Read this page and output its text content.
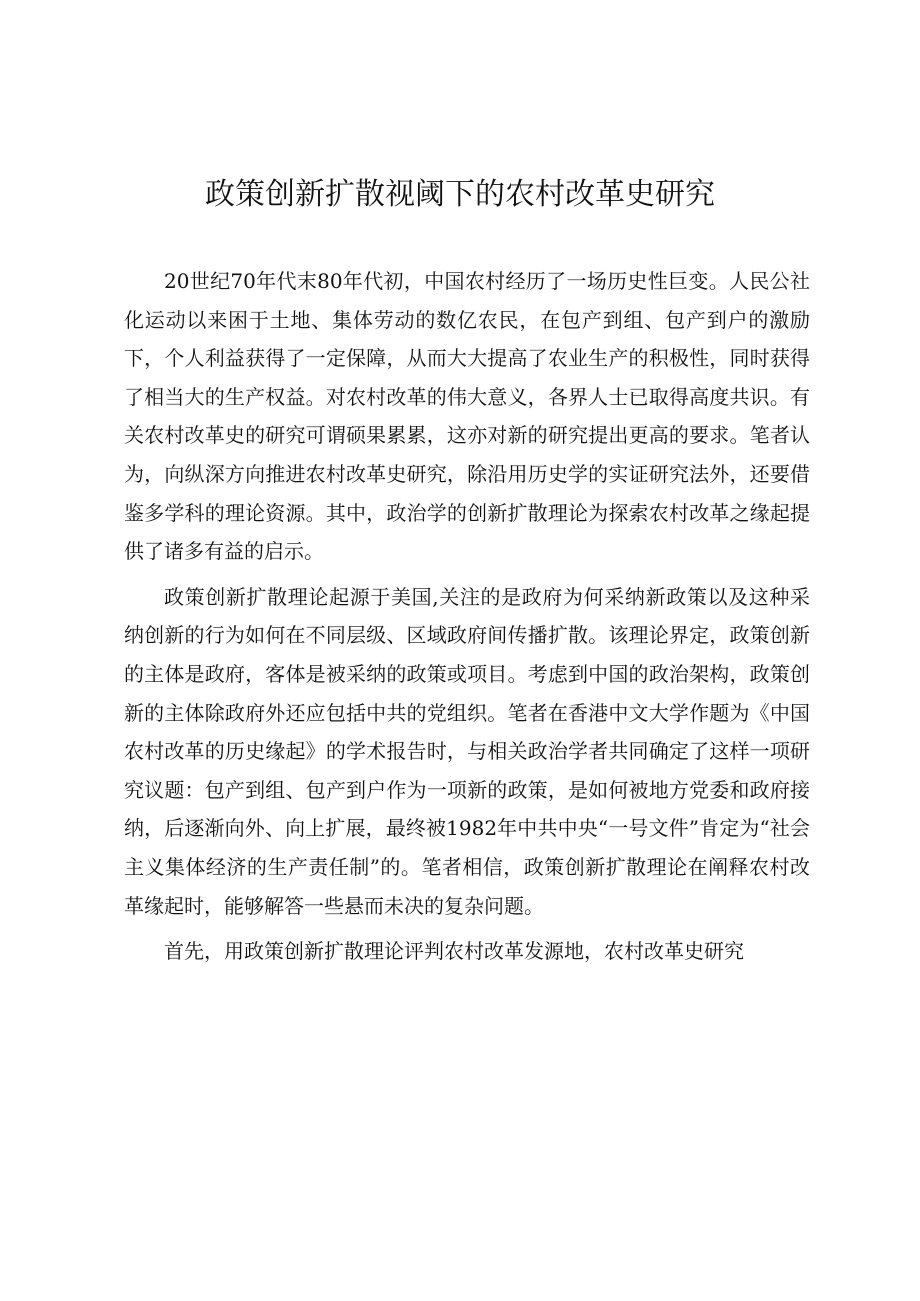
政策创新扩散视阈下的农村改革史研究

20世纪70年代末80年代初，中国农村经历了一场历史性巨变。人民公社化运动以来困于土地、集体劳动的数亿农民，在包产到组、包产到户的激励下，个人利益获得了一定保障，从而大大提高了农业生产的积极性，同时获得了相当大的生产权益。对农村改革的伟大意义，各界人士已取得高度共识。有关农村改革史的研究可谓硕果累累，这亦对新的研究提出更高的要求。笔者认为，向纵深方向推进农村改革史研究，除沿用历史学的实证研究法外，还要借鉴多学科的理论资源。其中，政治学的创新扩散理论为探索农村改革之缘起提供了诸多有益的启示。

政策创新扩散理论起源于美国,关注的是政府为何采纳新政策以及这种采纳创新的行为如何在不同层级、区域政府间传播扩散。该理论界定，政策创新的主体是政府，客体是被采纳的政策或项目。考虑到中国的政治架构，政策创新的主体除政府外还应包括中共的党组织。笔者在香港中文大学作题为《中国农村改革的历史缘起》的学术报告时，与相关政治学者共同确定了这样一项研究议题：包产到组、包产到户作为一项新的政策，是如何被地方党委和政府接纳，后逐渐向外、向上扩展，最终被1982年中共中央“一号文件”肯定为“社会主义集体经济的生产责任制”的。笔者相信，政策创新扩散理论在阐释农村改革缘起时，能够解答一些悬而未决的复杂问题。

首先，用政策创新扩散理论评判农村改革发源地，农村改革史研究
